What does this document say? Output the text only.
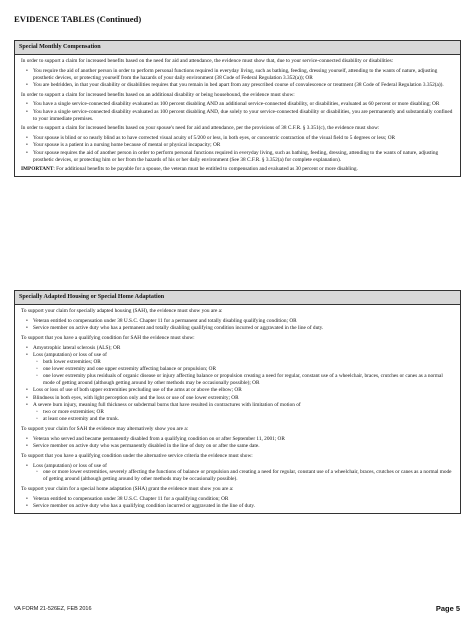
EVIDENCE TABLES (Continued)
Special Monthly Compensation

In order to support a claim for increased benefits based on the need for aid and attendance, the evidence must show that, due to your service-connected disability or disabilities:

• You require the aid of another person in order to perform personal functions required in everyday living, such as bathing, feeding, dressing yourself, attending to the wants of nature, adjusting prosthetic devices, or protecting yourself from the hazards of your daily environment (38 Code of Federal Regulation 3.352(a)); OR
• You are bedridden, in that your disability or disabilities requires that you remain in bed apart from any prescribed course of convalescence or treatment (38 Code of Federal Regulation 3.352(a)).

In order to support a claim for increased benefits based on an additional disability or being housebound, the evidence must show:

• You have a single service-connected disability evaluated as 100 percent disabling AND an additional service-connected disability, or disabilities, evaluated as 60 percent or more disabling; OR
• You have a single service-connected disability evaluated as 100 percent disabling AND, due solely to your service-connected disability or disabilities, you are permanently and substantially confined to your immediate premises.

In order to support a claim for increased benefits based on your spouse's need for aid and attendance, per the provisions of 38 C.F.R. § 3.351(c), the evidence must show:

• Your spouse is blind or so nearly blind as to have corrected visual acuity of 5/200 or less, in both eyes, or concentric contraction of the visual field to 5 degrees or less; OR
• Your spouse is a patient in a nursing home because of mental or physical incapacity; OR
• Your spouse requires the aid of another person in order to perform personal functions required in everyday living, such as bathing, feeding, dressing, attending to the wants of nature, adjusting prosthetic devices, or protecting him or her from the hazards of his or her daily environment (See 38 C.F.R. § 3.352(a) for complete explanation).

IMPORTANT: For additional benefits to be payable for a spouse, the veteran must be entitled to compensation and evaluated as 30 percent or more disabling.

Specially Adapted Housing or Special Home Adaptation

To support your claim for specially adapted housing (SAH), the evidence must show you are a:

• Veteran entitled to compensation under 38 U.S.C. Chapter 11 for a permanent and totally disabling qualifying condition; OR
• Service member on active duty who has a permanent and totally disabling qualifying condition incurred or aggravated in the line of duty.

To support that you have a qualifying condition for SAH the evidence must show:

• Amyotrophic lateral sclerosis (ALS); OR
• Loss (amputation) or loss of use of
◦ both lower extremities; OR
◦ one lower extremity and one upper extremity affecting balance or propulsion; OR
◦ one lower extremity plus residuals of organic disease or injury affecting balance or propulsion creating a need for regular, constant use of a wheelchair, braces, crutches or canes as a normal mode of getting around (although getting around by other methods may be occasionally possible); OR
• Loss or loss of use of both upper extremities precluding use of the arms at or above the elbow; OR
• Blindness in both eyes, with light perception only and the loss or use of one lower extremity; OR
• A severe burn injury, meaning full thickness or subdermal burns that have resulted in contractures with limitation of motion of
◦ two or more extremities; OR
◦ at least one extremity and the trunk.

To support your claim for SAH the evidence may alternatively show you are a:

• Veteran who served and became permanently disabled from a qualifying condition on or after September 11, 2001; OR
• Service member on active duty who was permanently disabled in the line of duty on or after the same date.

To support that you have a qualifying condition under the alternative service criteria the evidence must show:

• Loss (amputation) or loss of use of
◦ one or more lower extremities, severely affecting the functions of balance or propulsion and creating a need for regular, constant use of a wheelchair, braces, crutches or canes as a normal mode of getting around (although getting around by other methods may be occasionally possible).

To support your claim for a special home adaptation (SHA) grant the evidence must show you are a:

• Veteran entitled to compensation under 38 U.S.C. Chapter 11 for a qualifying condition; OR
• Service member on active duty who has a qualifying condition incurred or aggravated in the line of duty.
VA FORM 21-526EZ, FEB 2016	Page 5
